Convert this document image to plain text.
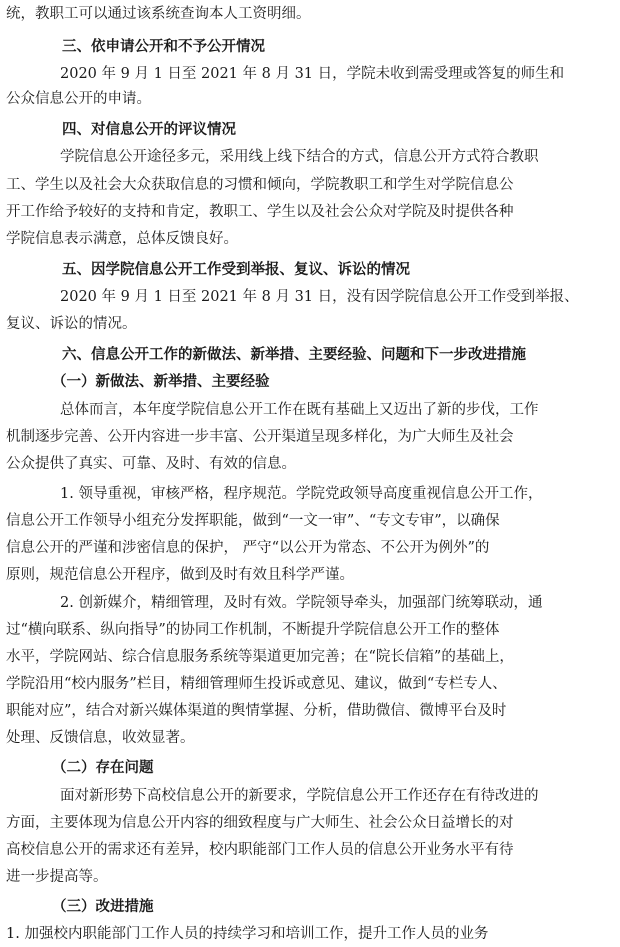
统，教职工可以通过该系统查询本人工资明细。
三、依申请公开和不予公开情况
2020 年 9 月 1 日至 2021 年 8 月 31 日，学院未收到需受理或答复的师生和
公众信息公开的申请。
四、对信息公开的评议情况
学院信息公开途径多元，采用线上线下结合的方式，信息公开方式符合教职
工、学生以及社会大众获取信息的习惯和倾向，学院教职工和学生对学院信息公
开工作给予较好的支持和肯定，教职工、学生以及社会公众对学院及时提供各种
学院信息表示满意，总体反馈良好。
五、因学院信息公开工作受到举报、复议、诉讼的情况
2020 年 9 月 1 日至 2021 年 8 月 31 日，没有因学院信息公开工作受到举报、
复议、诉讼的情况。
六、信息公开工作的新做法、新举措、主要经验、问题和下一步改进措施
（一）新做法、新举措、主要经验
总体而言，本年度学院信息公开工作在既有基础上又迈出了新的步伐，工作
机制逐步完善、公开内容进一步丰富、公开渠道呈现多样化，为广大师生及社会
公众提供了真实、可靠、及时、有效的信息。
1. 领导重视，审核严格，程序规范。学院党政领导高度重视信息公开工作，
信息公开工作领导小组充分发挥职能，做到“一文一审”、“专文专审”，以确保
信息公开的严谨和涉密信息的保护， 严守“以公开为常态、不公开为例外”的
原则，规范信息公开程序，做到及时有效且科学严谨。
2. 创新媒介，精细管理，及时有效。学院领导牵头，加强部门统筹联动，通
过“横向联系、纵向指导”的协同工作机制，不断提升学院信息公开工作的整体
水平，学院网站、综合信息服务系统等渠道更加完善；在“院长信箱”的基础上，
学院沿用“校内服务”栏目，精细管理师生投诉或意见、建议，做到“专栏专人、
职能对应”，结合对新兴媒体渠道的舆情掌握、分析，借助微信、微博平台及时
处理、反馈信息，收效显著。
（二）存在问题
面对新形势下高校信息公开的新要求，学院信息公开工作还存在有待改进的
方面，主要体现为信息公开内容的细致程度与广大师生、社会公众日益增长的对
高校信息公开的需求还有差异，校内职能部门工作人员的信息公开业务水平有待
进一步提高等。
（三）改进措施
1. 加强校内职能部门工作人员的持续学习和培训工作，提升工作人员的业务
